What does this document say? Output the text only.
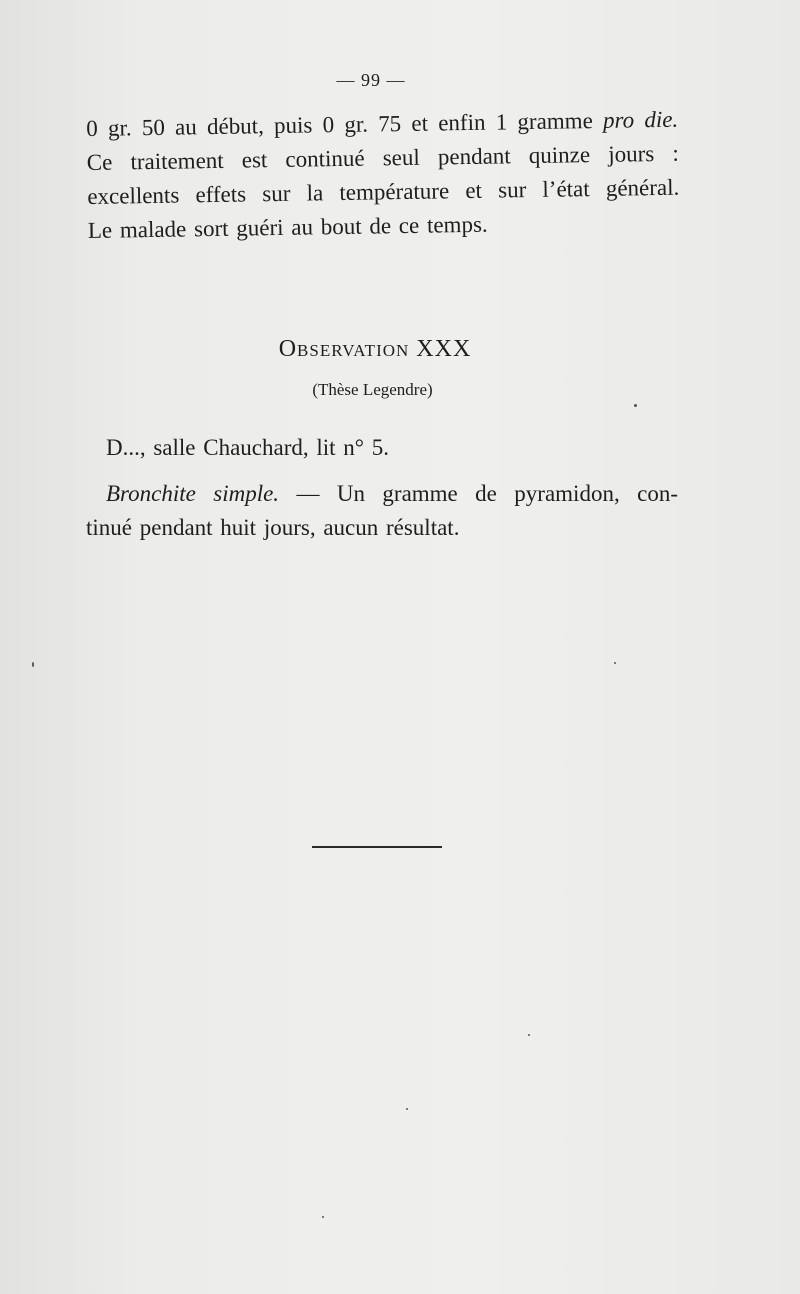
— 99 —
0 gr. 50 au début, puis 0 gr. 75 et enfin 1 gramme pro die.
Ce traitement est continué seul pendant quinze jours :
excellents effets sur la température et sur l’état général.
Le malade sort guéri au bout de ce temps.
Observation XXX
(Thèse Legendre)
D..., salle Chauchard, lit n° 5.
Bronchite simple. — Un gramme de pyramidon, con-
tinué pendant huit jours, aucun résultat.
